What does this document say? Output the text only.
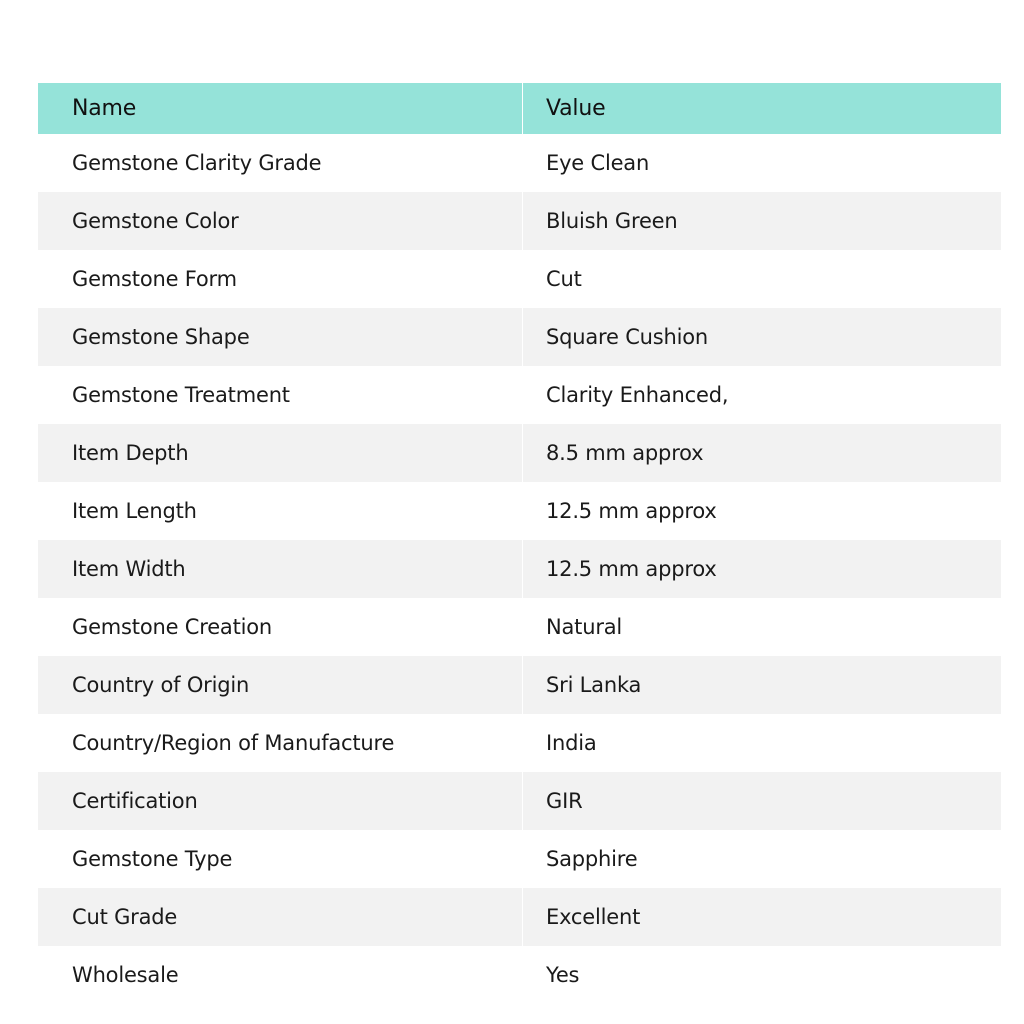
Name	Value
Gemstone Clarity Grade	Eye Clean
Gemstone Color	Bluish Green
Gemstone Form	Cut
Gemstone Shape	Square Cushion
Gemstone Treatment	Clarity Enhanced,
Item Depth	8.5 mm approx
Item Length	12.5 mm approx
Item Width	12.5 mm approx
Gemstone Creation	Natural
Country of Origin	Sri Lanka
Country/Region of Manufacture	India
Certification	GIR
Gemstone Type	Sapphire
Cut Grade	Excellent
Wholesale	Yes
